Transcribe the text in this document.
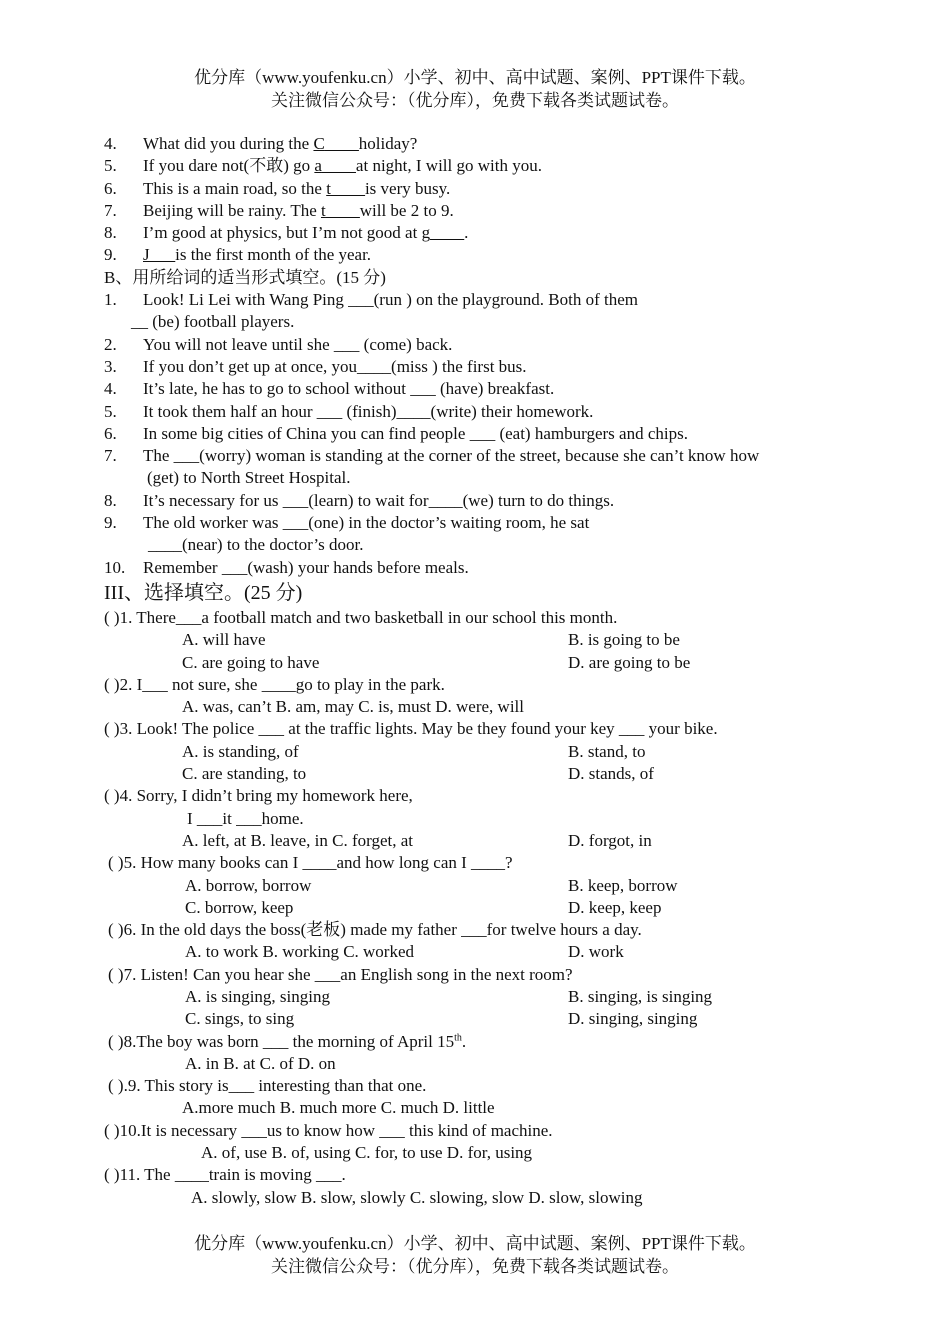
优分库（www.youfenku.cn）小学、初中、高中试题、案例、PPT课件下载。
关注微信公众号：（优分库），免费下载各类试题试卷。
4. What did you during the C____holiday?
5. If you dare not(不敢) go a____at night, I will go with you.
6. This is a main road, so the t____is very busy.
7. Beijing will be rainy. The t____will be 2 to 9.
8. I’m good at physics, but I’m not good at g____.
9. J___is the first month of the year.
B、用所给词的适当形式填空。(15 分)
1. Look! Li Lei with Wang Ping ___(run ) on the playground. Both of them
__ (be) football players.
2. You will not leave until she ___ (come) back.
3. If you don’t get up at once, you____(miss ) the first bus.
4. It’s late, he has to go to school without ___ (have) breakfast.
5. It took them half an hour ___ (finish)____(write) their homework.
6. In some big cities of China you can find people ___ (eat) hamburgers and chips.
7. The ___(worry) woman is standing at the corner of the street, because she can’t know how
(get) to North Street Hospital.
8. It’s necessary for us ___(learn) to wait for____(we) turn to do things.
9. The old worker was ___(one) in the doctor’s waiting room, he sat
____(near) to the doctor’s door.
10. Remember ___(wash) your hands before meals.
III、选择填空。(25 分)
( )1. There___a football match and two basketball in our school this month.
A. will have	B. is going to be
C. are going to have	D. are going to be
( )2. I___ not sure, she ____go to play in the park.
A. was, can’t B. am, may C. is, must D. were, will
( )3. Look! The police ___ at the traffic lights. May be they found your key ___ your bike.
A. is standing, of	B. stand, to
C. are standing, to	D. stands, of
( )4. Sorry, I didn’t bring my homework here,
I ___it ___home.
A. left, at B. leave, in C. forget, at	D. forgot, in
( )5. How many books can I ____and how long can I ____?
A. borrow, borrow	B. keep, borrow
C. borrow, keep	D. keep, keep
( )6. In the old days the boss(老板) made my father ___for twelve hours a day.
A. to work B. working C. worked	D. work
( )7. Listen! Can you hear she ___an English song in the next room?
A. is singing, singing	B. singing, is singing
C. sings, to sing	D. singing, singing
( )8.The boy was born ___ the morning of April 15th.
A. in B. at C. of D. on
( ).9. This story is___ interesting than that one.
A.more much B. much more C. much D. little
( )10.It is necessary ___us to know how ___ this kind of machine.
A. of, use B. of, using C. for, to use D. for, using
( )11. The ____train is moving ___.
A. slowly, slow B. slow, slowly C. slowing, slow D. slow, slowing
优分库（www.youfenku.cn）小学、初中、高中试题、案例、PPT课件下载。
关注微信公众号：（优分库），免费下载各类试题试卷。
